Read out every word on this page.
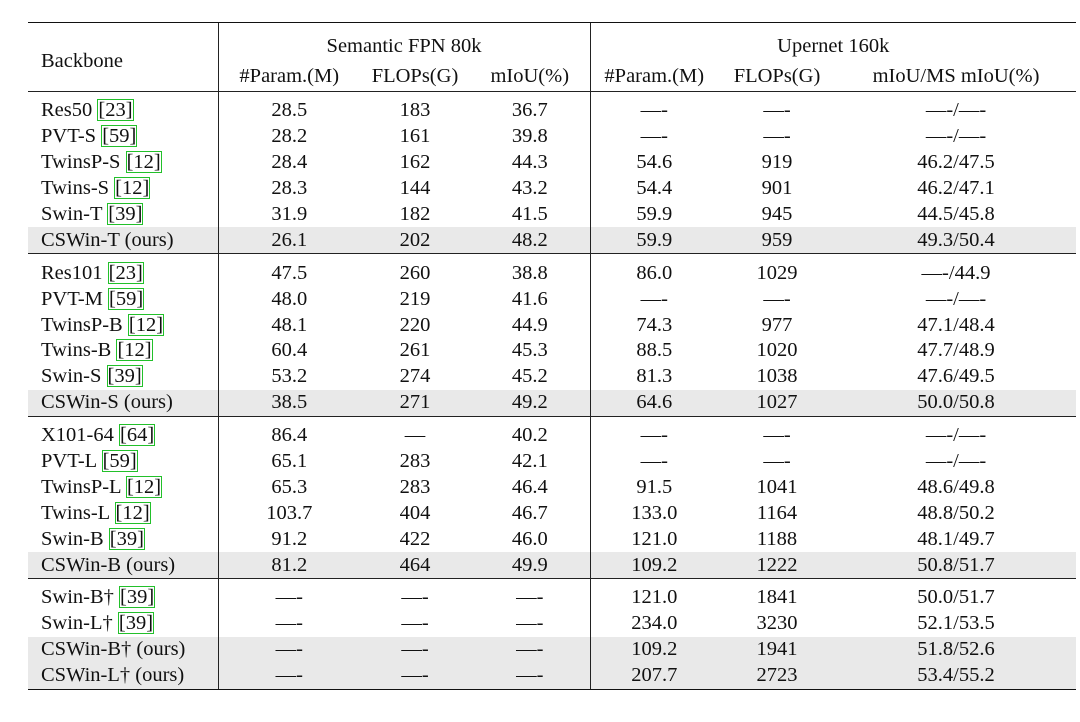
Backbone	Semantic FPN 80k			Upernet 160k		
	#Param.(M)	FLOPs(G)	mIoU(%)	#Param.(M)	FLOPs(G)	mIoU/MS mIoU(%)
Res50 [23]	28.5	183	36.7	—-	—-	—-/—-
PVT-S [59]	28.2	161	39.8	—-	—-	—-/—-
TwinsP-S [12]	28.4	162	44.3	54.6	919	46.2/47.5
Twins-S [12]	28.3	144	43.2	54.4	901	46.2/47.1
Swin-T [39]	31.9	182	41.5	59.9	945	44.5/45.8
CSWin-T (ours)	26.1	202	48.2	59.9	959	49.3/50.4
Res101 [23]	47.5	260	38.8	86.0	1029	—-/44.9
PVT-M [59]	48.0	219	41.6	—-	—-	—-/—-
TwinsP-B [12]	48.1	220	44.9	74.3	977	47.1/48.4
Twins-B [12]	60.4	261	45.3	88.5	1020	47.7/48.9
Swin-S [39]	53.2	274	45.2	81.3	1038	47.6/49.5
CSWin-S (ours)	38.5	271	49.2	64.6	1027	50.0/50.8
X101-64 [64]	86.4	—	40.2	—-	—-	—-/—-
PVT-L [59]	65.1	283	42.1	—-	—-	—-/—-
TwinsP-L [12]	65.3	283	46.4	91.5	1041	48.6/49.8
Twins-L [12]	103.7	404	46.7	133.0	1164	48.8/50.2
Swin-B [39]	91.2	422	46.0	121.0	1188	48.1/49.7
CSWin-B (ours)	81.2	464	49.9	109.2	1222	50.8/51.7
Swin-B† [39]	—-	—-	—-	121.0	1841	50.0/51.7
Swin-L† [39]	—-	—-	—-	234.0	3230	52.1/53.5
CSWin-B† (ours)	—-	—-	—-	109.2	1941	51.8/52.6
CSWin-L† (ours)	—-	—-	—-	207.7	2723	53.4/55.2
